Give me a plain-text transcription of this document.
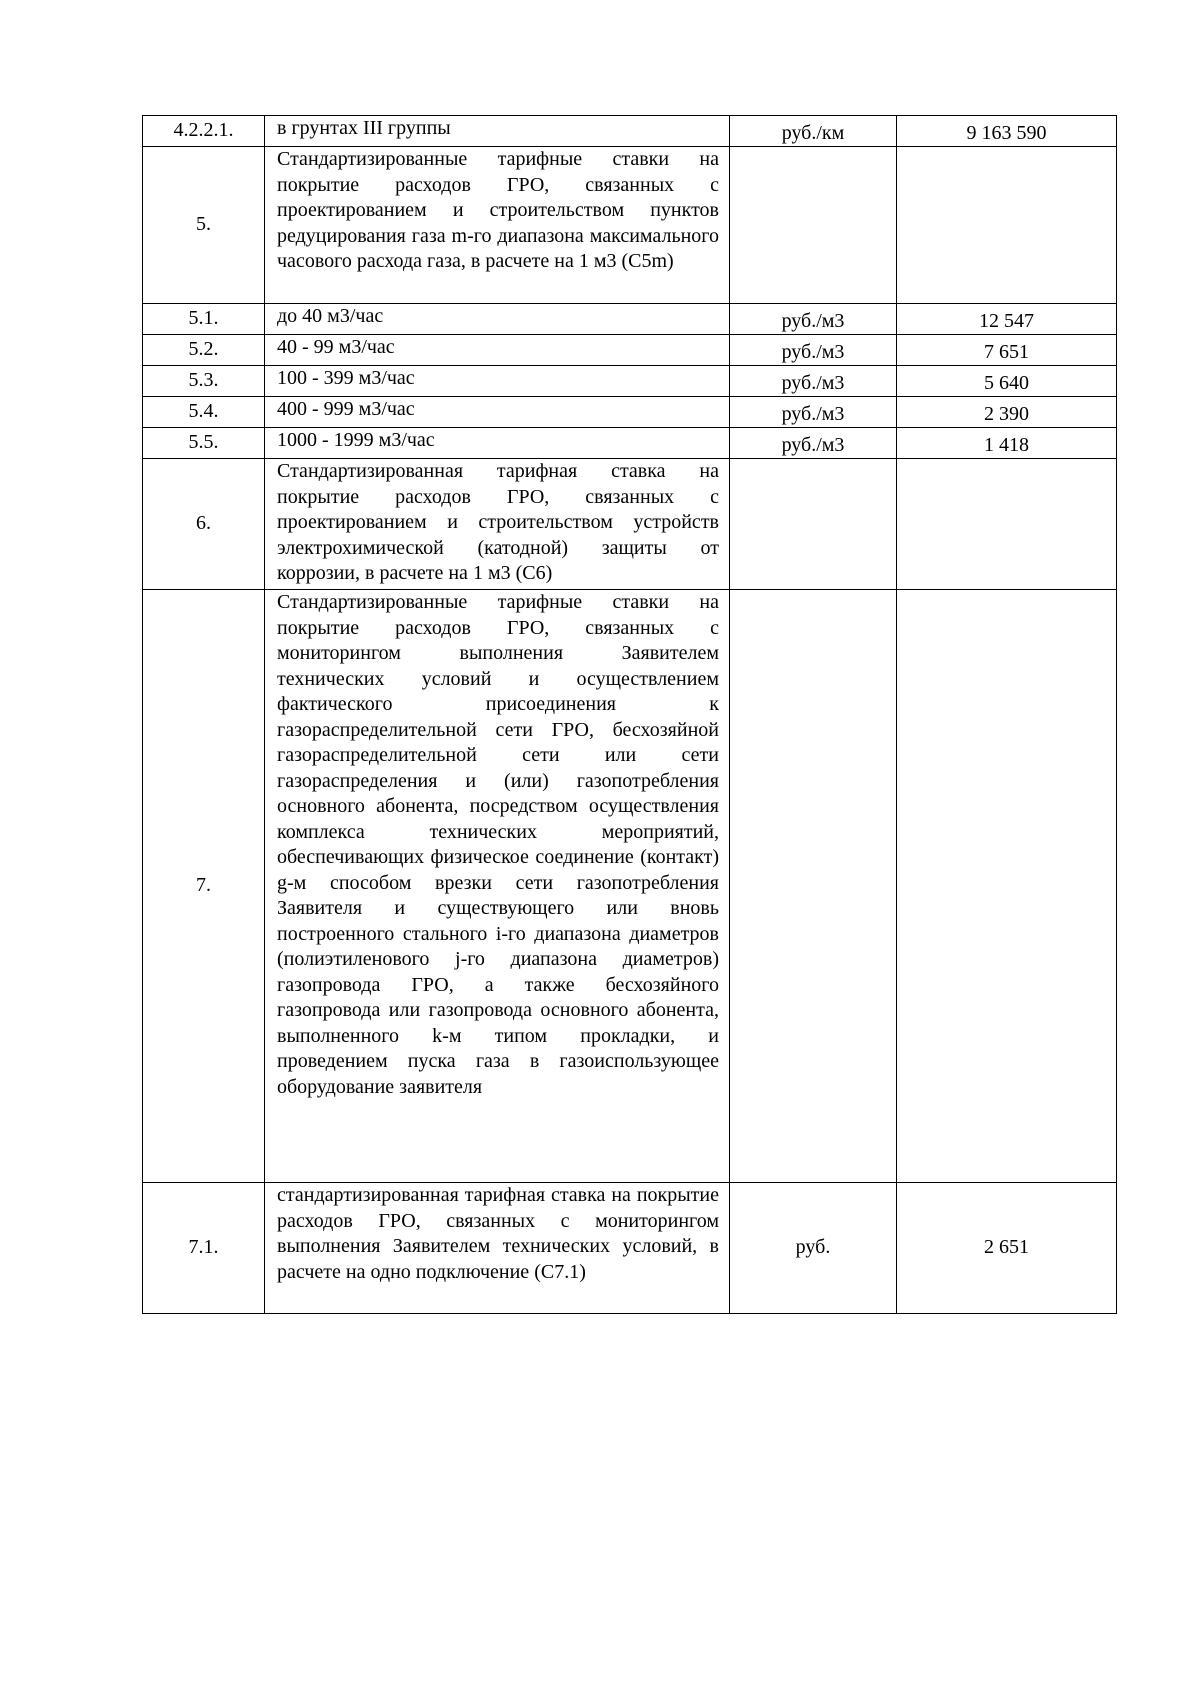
4.2.2.1.	в грунтах III группы	руб./км	9 163 590
5.	Стандартизированные тарифные ставки на покрытие расходов ГРО, связанных с проектированием и строительством пунктов редуцирования газа m-го диапазона максимального часового расхода газа, в расчете на 1 м3 (C5m)		
5.1.	до 40 м3/час	руб./м3	12 547
5.2.	40 - 99 м3/час	руб./м3	7 651
5.3.	100 - 399 м3/час	руб./м3	5 640
5.4.	400 - 999 м3/час	руб./м3	2 390
5.5.	1000 - 1999 м3/час	руб./м3	1 418
6.	Стандартизированная тарифная ставка на покрытие расходов ГРО, связанных с проектированием и строительством устройств электрохимической (катодной) защиты от коррозии, в расчете на 1 м3 (C6)		
7.	Стандартизированные тарифные ставки на покрытие расходов ГРО, связанных с мониторингом выполнения Заявителем технических условий и осуществлением фактического присоединения к газораспределительной сети ГРО, бесхозяйной газораспределительной сети или сети газораспределения и (или) газопотребления основного абонента, посредством осуществления комплекса технических мероприятий, обеспечивающих физическое соединение (контакт) g-м способом врезки сети газопотребления Заявителя и существующего или вновь построенного стального i-го диапазона диаметров (полиэтиленового j-го диапазона диаметров) газопровода ГРО, а также бесхозяйного газопровода или газопровода основного абонента, выполненного k-м типом прокладки, и проведением пуска газа в газоиспользующее оборудование заявителя		
7.1.	стандартизированная тарифная ставка на покрытие расходов ГРО, связанных с мониторингом выполнения Заявителем технических условий, в расчете на одно подключение (C7.1)	руб.	2 651
